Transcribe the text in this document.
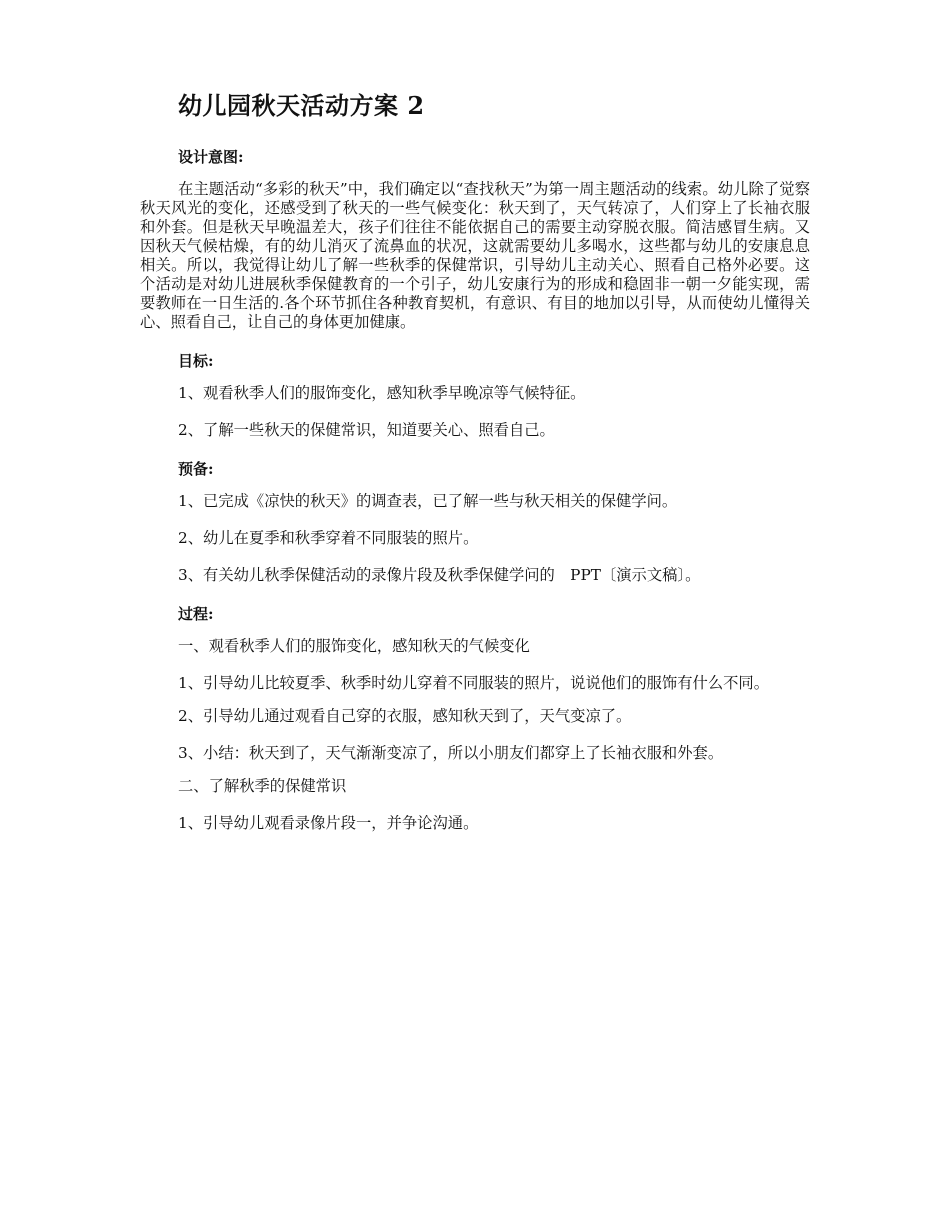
幼儿园秋天活动方案 2
设计意图:

在主题活动“多彩的秋天”中，我们确定以“查找秋天”为第一周主题活动的线索。幼儿除了觉察秋天风光的变化，还感受到了秋天的一些气候变化：秋天到了，天气转凉了，人们穿上了长袖衣服和外套。但是秋天早晚温差大，孩子们往往不能依据自己的需要主动穿脱衣服。简洁感冒生病。又因秋天气候枯燥，有的幼儿消灭了流鼻血的状况，这就需要幼儿多喝水，这些都与幼儿的安康息息相关。所以，我觉得让幼儿了解一些秋季的保健常识，引导幼儿主动关心、照看自己格外必要。这个活动是对幼儿进展秋季保健教育的一个引子，幼儿安康行为的形成和稳固非一朝一夕能实现，需要教师在一日生活的.各个环节抓住各种教育契机，有意识、有目的地加以引导，从而使幼儿懂得关心、照看自己，让自己的身体更加健康。

目标:

1、观看秋季人们的服饰变化，感知秋季早晚凉等气候特征。

2、了解一些秋天的保健常识，知道要关心、照看自己。

预备:

1、已完成《凉快的秋天》的调查表，已了解一些与秋天相关的保健学问。

2、幼儿在夏季和秋季穿着不同服装的照片。

3、有关幼儿秋季保健活动的录像片段及秋季保健学问的　PPT〔演示文稿〕。

过程:

一、观看秋季人们的服饰变化，感知秋天的气候变化

1、引导幼儿比较夏季、秋季时幼儿穿着不同服装的照片，说说他们的服饰有什么不同。

2、引导幼儿通过观看自己穿的衣服，感知秋天到了，天气变凉了。

3、小结：秋天到了，天气渐渐变凉了，所以小朋友们都穿上了长袖衣服和外套。

二、了解秋季的保健常识

1、引导幼儿观看录像片段一，并争论沟通。
